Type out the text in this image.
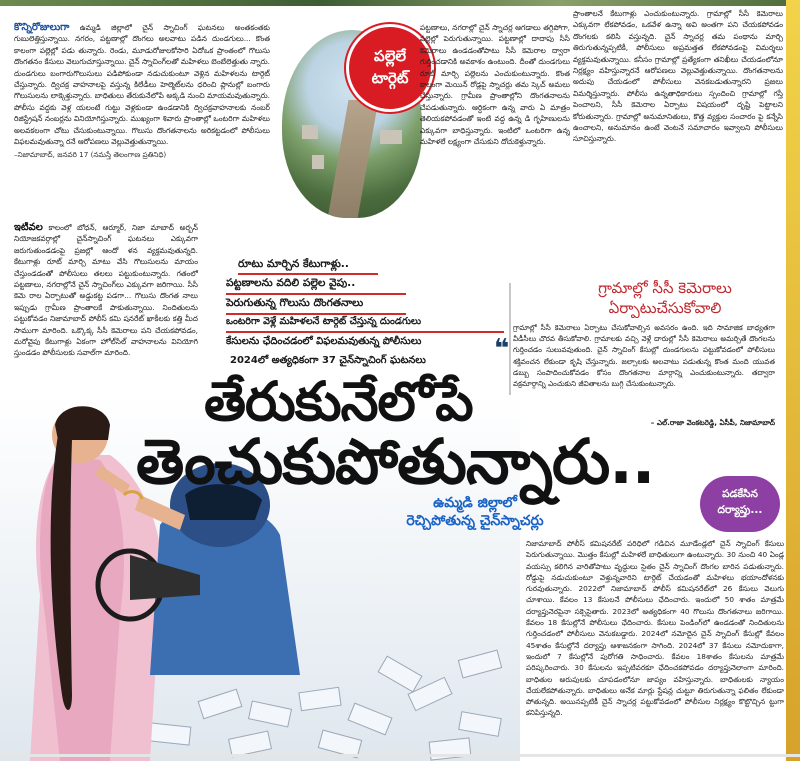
కొన్నిరోజులుగా ఉమ్మడి జిల్లాలో చైన్ స్నాచింగ్ ఘటనలు అంతకంతకు గుబులెత్తిస్తున్నాయి. నగరం, పట్టణాల్లో దొంగలు అలవాటు పడిన దుండగులు... కొంత కాలంగా పల్లెల్లో పడు తున్నారు. రెండు, మూడురోజులకోసారి ఏదోఒక ప్రాంతంలో గొలుసు దొంగతనం కేసులు వెలుగుచూస్తున్నాయి. చైన్ స్నాచింగ్‌లతో మహిళలు బెంబేలెత్తుతు న్నారు. దుండగులు బంగారుగొలుసులు పడిపోకుండా నడుచుకుంటూ వెళ్లిన మహిళలను టార్గెట్ చేస్తున్నారు. ద్విచక్ర వాహనాలపై వస్తున్న కిలేడీలు హెల్మెట్‌లను ధరించి ప్లానుల్లో బంగారు గొలుసులను లాక్కెళ్తున్నారు. బాధితులు తేరుకునేలోపే అక్కడి నుంచి మాయమవుతున్నారు. పోలీసు వద్దకు వెళ్ల యలంటే గుట్టు వెళ్లకుండా ఉండడానికి ద్విచక్రవాహనాలకు నంబర్ రిజిస్ట్రేషన్ నంబర్లను వినియోగిస్తున్నారు. ముఖ్యంగా శివారు ప్రాంతాల్లో ఒంటరిగా మహిళలు అలవకలంగా చోటు చేసుకుంటున్నాయి. గొలుసు దొంగతనాలను అరికట్టడంలో పోలీసులు విఫలమవుతున్నా రనే ఆరోపణలు వెల్లువెత్తుతున్నాయి.

–నిజామాబాద్, జనవరి 17 (నమస్తే తెలంగాణ ప్రతినిధి)

పల్లెలే
టార్గెట్

పట్టణాలు, నగరాల్లో చైన్ స్నాచర్ల ఆగడాలు తగ్గిపోగా, పల్లెల్లో పెరుగుతున్నాయి. పట్టణాల్లో దాదాపు సీసీ కెమెరాలు ఉండడంతోపాటు సీసీ కెమెరాల ద్వారా గుర్తించడానికి అవకాశం ఉంటుంది. దీంతో దుండగులు రూట్ మార్చి పల్లెలను ఎంచుకుంటున్నారు. కొంత కాలంగా మెయిన్ రోడ్లపై స్నాచర్లు తమ స్కెచ్ అమలు చేస్తున్నారు. గ్రామీణ ప్రాంతాల్లోని దొంగతనాలను చేపడుతున్నారు. ఆర్ధికంగా ఉన్న వారు ఏ మాత్రం తెలియకపోవడంతో ఇంటి వద్ద ఉన్న డి గృహిణులను ఎక్కువగా బాధిస్తున్నారు. ఇంటిలో ఒంటరిగా ఉన్న మహిళలే లక్ష్యంగా చేసుకుని దోచుకెళ్తున్నారు.

ప్రాంతాలనే కేటుగాళ్లు ఎంచుకుంటున్నారు. గ్రామాల్లో సీసీ కెమెరాలు ఎక్కువగా లేకపోవడం, ఒకవేళ ఉన్నా అవి అంతగా పని చేయకపోవడం దొంగలకు కలిసి వస్తున్నది. చైన్ స్నాచర్ల తమ పంథాను మార్చి తిరుగుతున్నప్పటికీ, పోలీసులు అప్రమత్తత లేకపోవడంపై విమర్శలు వ్యక్తమవుతున్నాయి. కనీసం గ్రామాల్లో ప్రత్యేకంగా తనిఖీలు చేయడంలోనూ నిర్లక్ష్యం వహిస్తున్నారనే ఆరోపణలు వెల్లువెత్తుతున్నాయి. దొంగతనాలను అదుపు చేయడంలో పోలీసులు వెనకబడుతున్నారని ప్రజలు విమర్శిస్తున్నారు. పోలీసు ఉన్నతాధికారులు స్పందించి గ్రామాల్లో గస్తీ పెంచాలని, సీసీ కెమెరాల ఏర్పాటు విషయంలో దృష్టి పెట్టాలని కోరుతున్నారు. గ్రామాల్లో అనుమానితులు, కొత్త వ్యక్తుల సంచారం పై కన్నేసి ఉంచాలని, అనుమానం ఉంటే వెంటనే సమాచారం ఇవ్వాలని పోలీసులు సూచిస్తున్నారు.

ఇటీవల కాలంలో బోధన్, ఆర్మూర్, నిజా మాబాద్ అర్బన్ నియోజకవర్గాల్లో చైన్‌స్నాచింగ్ ఘటనలు ఎక్కువగా జరుగుతుండడంపై ప్రజల్లో ఆందో ళన వ్యక్తమవుతున్నది. కేటుగాళ్లు రూట్ మార్చి మాటు వేసి గొలుసులను మాయం చేస్తుండడంతో పోలీసులు తలలు పట్టుకుంటున్నారు. గతంలో పట్టణాలు, నగరాల్లోనే చైన్ స్నాచింగ్‌లు ఎక్కువగా జరిగాయి. సీసీ కెమె రాల ఏర్పాటుతో అడ్డుకట్ట పడగా... గొలుసు దొంగత నాలు ఇప్పుడు గ్రామీణ ప్రాంతాలకే పాకుతున్నాయి. నిందితులను పట్టుకోవడం నిజామాబాద్ పోలీస్ కమి షనరేట్ ఖాకీలకు కత్తి మీద సాముగా మారింది. ఒక్కొక్క సీసీ కెమెరాలు పని చేయకపోవడం, మరోవైపు కేటుగాళ్లు ఏకంగా హోల్‌సేల్‌ వాహనాలను వినియోగి స్తుండడం పోలీసులకు సవాల్‌గా మారింది.

రూటు మార్చిన కేటుగాళ్లు..
పట్టణాలను వదిలి పల్లెల వైపు..
పెరుగుతున్న గొలుసు దొంగతనాలు
ఒంటరిగా వెళ్లే మహిళలనే టార్గెట్ చేస్తున్న దుండగులు
కేసులను ఛేదించడంలో విఫలమవుతున్న పోలీసులు
2024లో అత్యధికంగా 37 చైన్‌స్నాచింగ్ ఘటనలు	❝
గ్రామాల్లో సీసీ కెమెరాలు ఏర్పాటుచేసుకోవాలి
గ్రామాల్లో సీసీ కెమెరాలు ఏర్పాటు చేసుకోవాల్సిన అవసరం ఉంది. ఇది సామాజిక బాధ్యతగా వీడీసీలు చొరవ తీసుకోవాలి. గ్రామాలకు వచ్చి వెళ్లే దారుల్లో సీసీ కెమెరాలు అమర్చితే దొంగలను గుర్తించడం సులువవుతుంది. చైన్ స్నాచింగ్ కేసుల్లో దుండగులను పట్టుకోవడంలో పోలీసులు శక్తివంచన లేకుండా కృషి చేస్తున్నారు. జల్సాలకు అలవాటు పడుతున్న కొంత మంది యువత డబ్బు సంపాదించుకోవడం కోసం దొంగతనాల మార్గాన్ని ఎంచుకుంటున్నారు. తద్వారా వక్రమార్గాన్ని ఎంచుకుని జీవితాలను బుగ్గి చేసుకుంటున్నారు.
– ఎల్.రాజా వెంకటరెడ్డి, ఏసీపీ, నిజామాబాద్
తేరుకునేలోపే
తెంచుకుపోతున్నారు..
ఉమ్మడి జిల్లాలో రెచ్చిపోతున్న చైన్‌స్నాచర్లు
పడకేసిన
దర్యాప్తు...

నిజామాబాద్ పోలీస్ కమిషనరేట్ పరిధిలో గడిచిన మూడేండ్లలో చైన్ స్నాచింగ్ కేసులు పెరుగుతున్నాయి. మొత్తం కేసుల్లో మహిళలే బాధితులుగా ఉంటున్నారు. 30 నుంచి 40 ఏండ్ల వయస్సు కలిగిన వారితోపాటు వృద్ధులు సైతం చైన్ స్నాచింగ్ దొంగల బారిన పడుతున్నారు. రోడ్డుపై నడుచుకుంటూ వెళ్తున్నవారిని టార్గెట్ చేయడంతో మహిళలు భయాందోళనకు గురవుతున్నారు. 2022లో నిజామాబాద్ పోలీస్ కమిషనరేట్‌లో 26 కేసులు వెలుగు చూశాయి. కేవలం 13 కేసులనే పోలీసులు ఛేదించారు. ఇందులో 50 శాతం మాత్రమే దర్యాప్తునెరపైనా సక్సెసైతారు. 2023లో అత్యధికంగా 40 గొలుసు దొంగతనాలు జరిగాయి. కేవలం 18 కేసుల్లోనే పోలీసులు ఛేదించారు. కేసులు పెండింగ్‌లో ఉండడంతో నిందితులను గుర్తించడంలో పోలీసులు వెనుకబడ్డారు. 2024లో నమోదైన చైన్ స్నాచింగ్ కేసుల్లో కేవలం 45శాతం కేసుల్లోనే దర్యాప్తు ఆశాజనకంగా సాగింది. 2024లో 37 కేసులు నమోదుకాగా, ఇందులో 7 కేసుల్లోనే పురోగతి సాధించారు. కేవలం 18శాతం కేసులను మాత్రమే పరిష్కరించారు. 30 కేసులను ఇప్పటివరకూ ఛేదించకపోవడం దర్యాప్తునెలాంగా మారింది. బాధితుల అరుపులకు చూపడంలోనూ జాప్యం వహిస్తున్నారు. బాధితులకు న్యాయం చేయలేకపోతున్నారు. బాధితులు అనేక మార్లు స్టేషన్ల చుట్టూ తిరుగుతున్నా ఫలితం లేకుండా పోతున్నది. అయినప్పటికీ చైన్ స్నాచర్ల పట్టుకోవడంలో పోలీసుల నిర్లక్ష్యం కొట్టొచ్చిన ట్టుగా కనిపిస్తున్నది.
